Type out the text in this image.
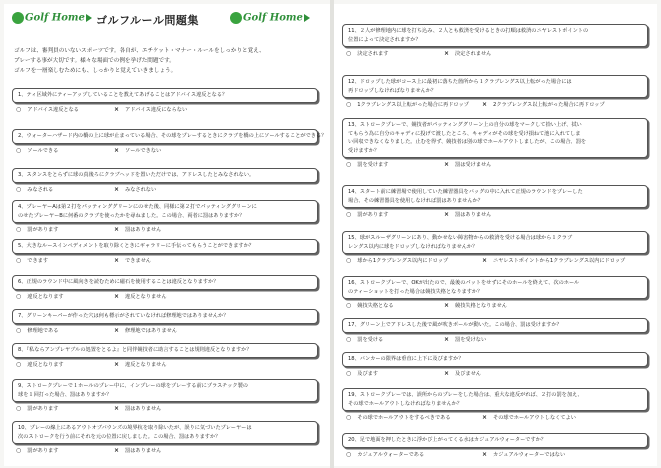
Golf Home	ゴルフルール問題集	Golf Home

ゴルフは、審判員のいないスポーツです。各自が、エチケット・マナー・ルールをしっかりと覚え、

プレーする事が大切です。様々な場面での例を挙げた問題です。

ゴルフを一層楽しむためにも、しっかりと覚えていきましょう。

1、ティ区域外にティーアップしていることを教えてあげることはアドバイス違反となる？

○ アドバイス違反となる	× アドバイス違反にならない

2、ウォーターハザード内の橋の上に球が止まっている場合、その球をプレーするときにクラブを橋の上にソールすることができる？

○ ソールできる	× ソールできない

3、スタンスをとらずに球の真後ろにクラブヘッドを置いただけでは、アドレスしたとみなされない。

○ みなされる	× みなされない

4、プレーヤーAは第２打をパッティンググリーンにのせた後、同様に第２打でパッティンググリーンに

のせたプレーヤーBに何番のクラブを使ったかを尋ねました。この場合、両者に罰はありますか？

○ 罰があります	× 罰はありません

5、大きなルースインペディメントを取り除くときにギャラリーに手伝ってもらうことができますか？

○ できます	× できません

6、正規のラウンド中に風向きを読むために磁石を使用することは違反となりますか？

○ 違反となります	× 違反となりません

7、グリーンキーパーが作った穴は何も標示がされていなければ修理地ではありませんか？

○ 修理地である	× 修理地ではありません

8、『私ならアンプレヤブルの処置をとるよ』と同伴競技者に助言することは規則違反となりますか？

○ 違反となります	× 違反となりません

9、ストロークプレーで１ホールのプレー中に、インプレーの球をプレーする前にプラスチック製の

球を１回打った場合、罰はありますか？

○ 罰があります	× 罰はありません

10、プレーの線上にあるアウトオブバウンズの境界杭を取り除いたが、誤りに気づいたプレーヤーは

次のストロークを行う前にそれを元の位置に戻しました。この場合、罰はありますか？

○ 罰があります	× 罰はありません

11、２人が修理地内に球を打ち込み、２人とも救済を受けるときの打順は救済のニヤレストポイントの

位置によって決定されますか？

○ 決定されます	× 決定されません

12、ドロップした球がコース上に最初に落ちた箇所から１クラブレングス以上転がった場合には

再ドロップしなければなりませんか？

○ 1クラブレングス以上転がった場合に再ドロップ × 2クラブレングス以上転がった場合に再ドロップ

13、ストロークプレーで、競技者がパッティンググリーン上の自分の球をマークして拾い上げ、拭い

てもらう為に自分のキャディに投げて渡したところ、キャディがその球を受け損ねて池に入れてしま

い回収できなくなりました。止むを得ず、競技者は別の球でホールアウトしましたが、この場合、罰を

受けますか？

○ 罰を受けます	× 罰は受けません

14、スタート前に練習場で使用していた練習器具をバッグの中に入れて正規のラウンドをプレーした

場合、その練習器具を使用しなければ罰はありませんか？

○ 罰があります	× 罰はありません

15、球がスルーザグリーンにあり、動かせない障害物からの救済を受ける場合は球から１クラブ

レングス以内に球をドロップしなければなりませんか？

○ 球から1クラブレングス以内にドロップ	× ニヤレストポイントから1クラブレングス以内にドロップ

16、ストロークプレーで、OKが出たので、最後のパットをせずにそのホールを終えて、次のホール

のティーショットを打った場合は競技失格となりますか？

○ 競技失格となる	× 競技失格となりません

17、グリーン上でアドレスした後で風が吹きボールが動いた。この場合、罰は受けますか？

○ 罰を受ける	× 罰を受けない

18、バンカーの限界は垂直に上下に及びますか？

○ 及びます	× 及びません

19、ストロークプレーでは、誤所からのプレーをした場合は、重大な違反がれば、２打の罰を加え、

その球でホールアウトしなければなりませんか？

○ その球でホールアウトをするべきである	× その球でホールアウトしなくてよい

20、足で地面を押したときに浮かび上がってくる水はカジュアルウォーターですか？

○ カジュアルウォーターである	× カジュアルウォーターではない
